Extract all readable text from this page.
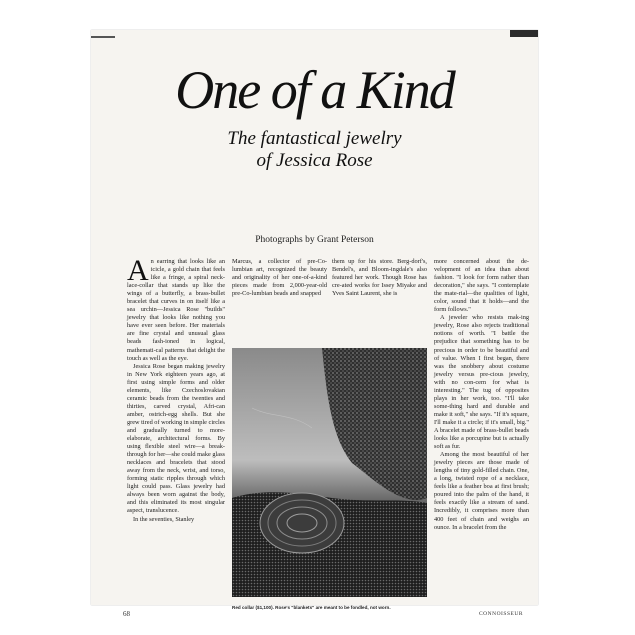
One of a Kind
The fantastical jewelry
of Jessica Rose
Photographs by Grant Peterson

An earring that looks like an icicle, a gold chain that feels like a fringe, a spiral neck-lace-collar that stands up like the wings of a butterfly, a brass-bullet bracelet that curves in on itself like a sea urchin—Jessica Rose "builds" jewelry that looks like nothing you have ever seen before. Her materials are fine crystal and unusual glass beads fash-ioned in logical, mathemati-cal patterns that delight the touch as well as the eye.

Jessica Rose began making jewelry in New York eighteen years ago, at first using simple forms and older elements, like Czechoslovakian ceramic beads from the twenties and thirties, carved crystal, Afri-can amber, ostrich-egg shells. But she grew tired of working in simple circles and gradually turned to more-elaborate, architectural forms. By using flexible steel wire—a break-through for her—she could make glass necklaces and bracelets that stood away from the neck, wrist, and torso, forming static ripples through which light could pass. Glass jewelry had always been worn against the body, and this eliminated its most singular aspect, translucence.

In the seventies, Stanley

Marcus, a collector of pre-Co-lumbian art, recognized the beauty and originality of her one-of-a-kind pieces made from 2,000-year-old pre-Co-lumbian beads and snapped

them up for his store. Berg-dorf's, Bendel's, and Bloom-ingdale's also featured her work. Though Rose has cre-ated works for Issey Miyake and Yves Saint Laurent, she is

more concerned about the de-velopment of an idea than about fashion. "I look for form rather than decoration," she says. "I contemplate the mate-rial—the qualities of light, color, sound that it holds—and the form follows."

A jeweler who resists mak-ing jewelry, Rose also rejects traditional notions of worth. "I battle the prejudice that something has to be precious in order to be beautiful and of value. When I first began, there was the snobbery about costume jewelry versus pre-cious jewelry, with no con-cern for what is interesting." The tug of opposites plays in her work, too. "I'll take some-thing hard and durable and make it soft," she says. "If it's square, I'll make it a circle; if it's small, big." A bracelet made of brass-bullet beads looks like a porcupine but is actually soft as fur.

Among the most beautiful of her jewelry pieces are those made of lengths of tiny gold-filled chain. One, a long, twisted rope of a necklace, feels like a feather boa at first brush; poured into the palm of the hand, it feels exactly like a stream of sand. Incredibly, it comprises more than 400 feet of chain and weighs an ounce. In a bracelet from the

Red collar ($1,100). Rose's "blankets" are meant to be fondled, not worn.
68	CONNOISSEUR
